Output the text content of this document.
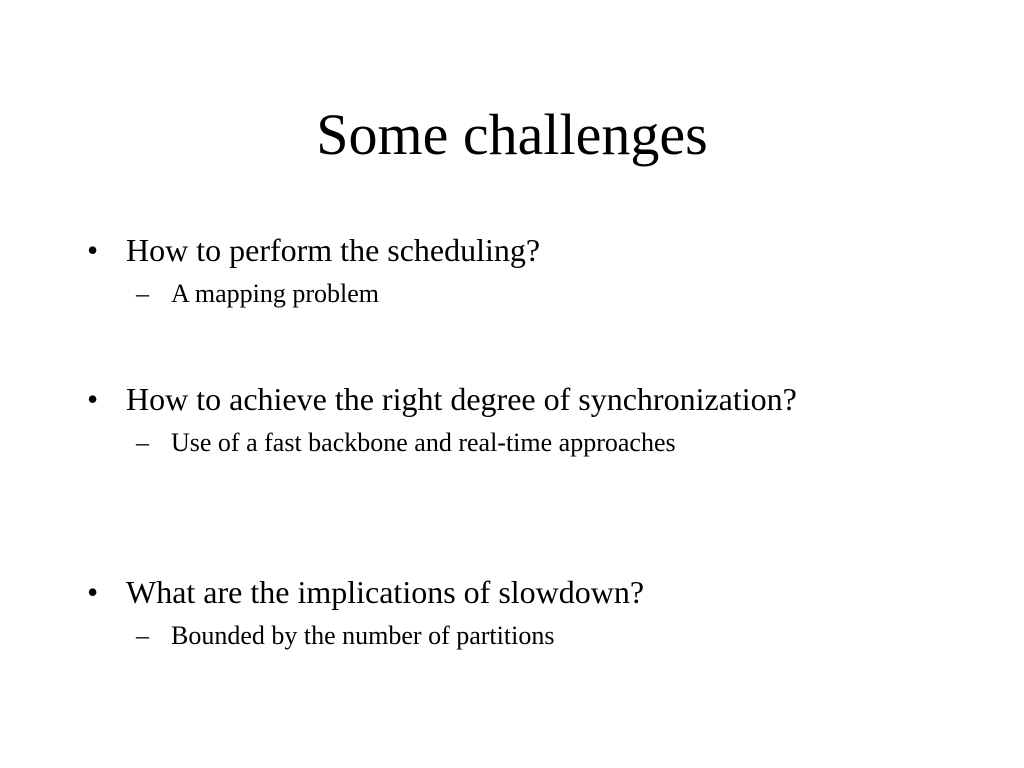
Some challenges
• How to perform the scheduling?
– A mapping problem
• How to achieve the right degree of synchronization?
– Use of a fast backbone and real-time approaches
• What are the implications of slowdown?
– Bounded by the number of partitions
